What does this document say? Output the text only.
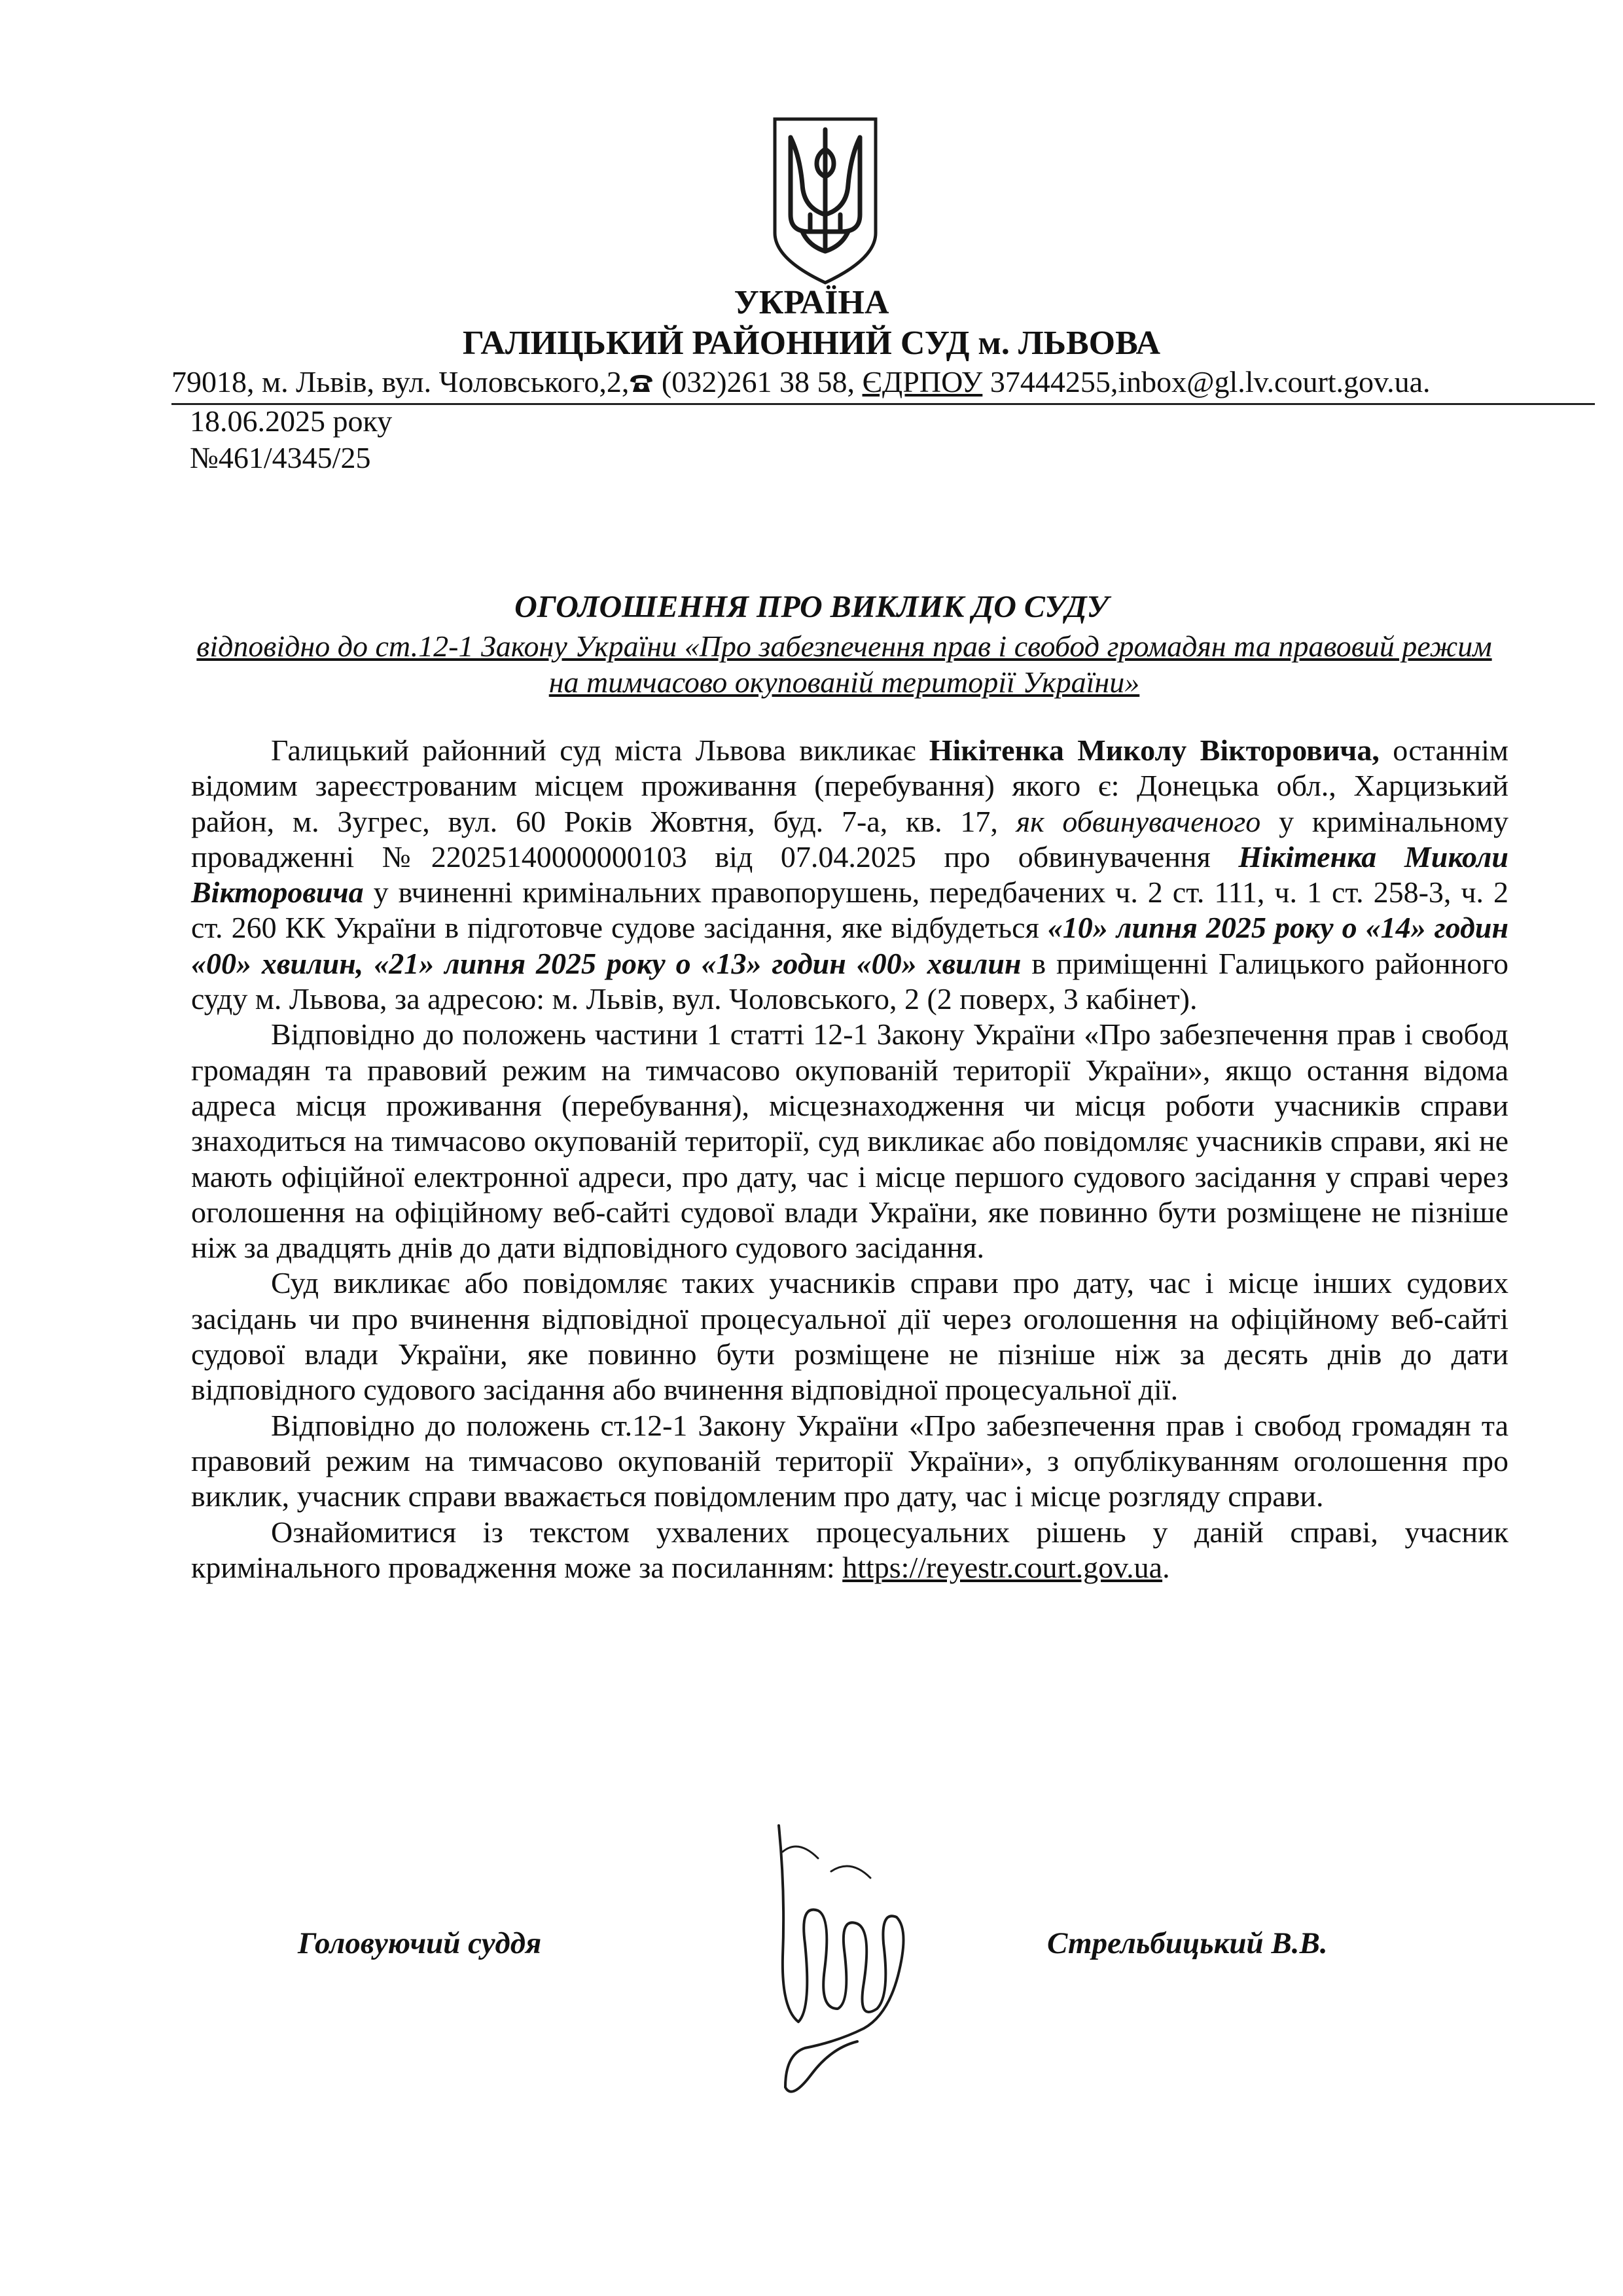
УКРАЇНА
ГАЛИЦЬКИЙ РАЙОННИЙ СУД м. ЛЬВОВА
79018, м. Львів, вул. Чоловського,2, (032)261 38 58, ЄДРПОУ 37444255,inbox@gl.lv.court.gov.ua.
18.06.2025 року
№461/4345/25
ОГОЛОШЕННЯ ПРО ВИКЛИК ДО СУДУ
відповідно до ст.12-1 Закону України «Про забезпечення прав і свобод громадян та правовий режим на тимчасово окупованій території України»

Галицький районний суд міста Львова викликає Нікітенка Миколу Вікторовича, останнім відомим зареєстрованим місцем проживання (перебування) якого є: Донецька обл., Харцизький район, м. Зугрес, вул. 60 Років Жовтня, буд. 7-а, кв. 17, як обвинуваченого у кримінальному провадженні №22025140000000103 від 07.04.2025 про обвинувачення Нікітенка Миколи Вікторовича у вчиненні кримінальних правопорушень, передбачених ч. 2 ст. 111, ч. 1 ст. 258-3, ч. 2 ст. 260 КК України в підготовче судове засідання, яке відбудеться «10» липня 2025 року о «14» годин «00» хвилин, «21» липня 2025 року о «13» годин «00» хвилин в приміщенні Галицького районного суду м. Львова, за адресою: м. Львів, вул. Чоловського, 2 (2 поверх, 3 кабінет).

Відповідно до положень частини 1 статті 12-1 Закону України «Про забезпечення прав і свобод громадян та правовий режим на тимчасово окупованій території України», якщо остання відома адреса місця проживання (перебування), місцезнаходження чи місця роботи учасників справи знаходиться на тимчасово окупованій території, суд викликає або повідомляє учасників справи, які не мають офіційної електронної адреси, про дату, час і місце першого судового засідання у справі через оголошення на офіційному веб-сайті судової влади України, яке повинно бути розміщене не пізніше ніж за двадцять днів до дати відповідного судового засідання.

Суд викликає або повідомляє таких учасників справи про дату, час і місце інших судових засідань чи про вчинення відповідної процесуальної дії через оголошення на офіційному веб-сайті судової влади України, яке повинно бути розміщене не пізніше ніж за десять днів до дати відповідного судового засідання або вчинення відповідної процесуальної дії.

Відповідно до положень ст.12-1 Закону України «Про забезпечення прав і свобод громадян та правовий режим на тимчасово окупованій території України», з опублікуванням оголошення про виклик, учасник справи вважається повідомленим про дату, час і місце розгляду справи.

Ознайомитися із текстом ухвалених процесуальних рішень у даній справі, учасник кримінального провадження може за посиланням: https://reyestr.court.gov.ua.

Головуючий суддя	Стрельбицький В.В.
